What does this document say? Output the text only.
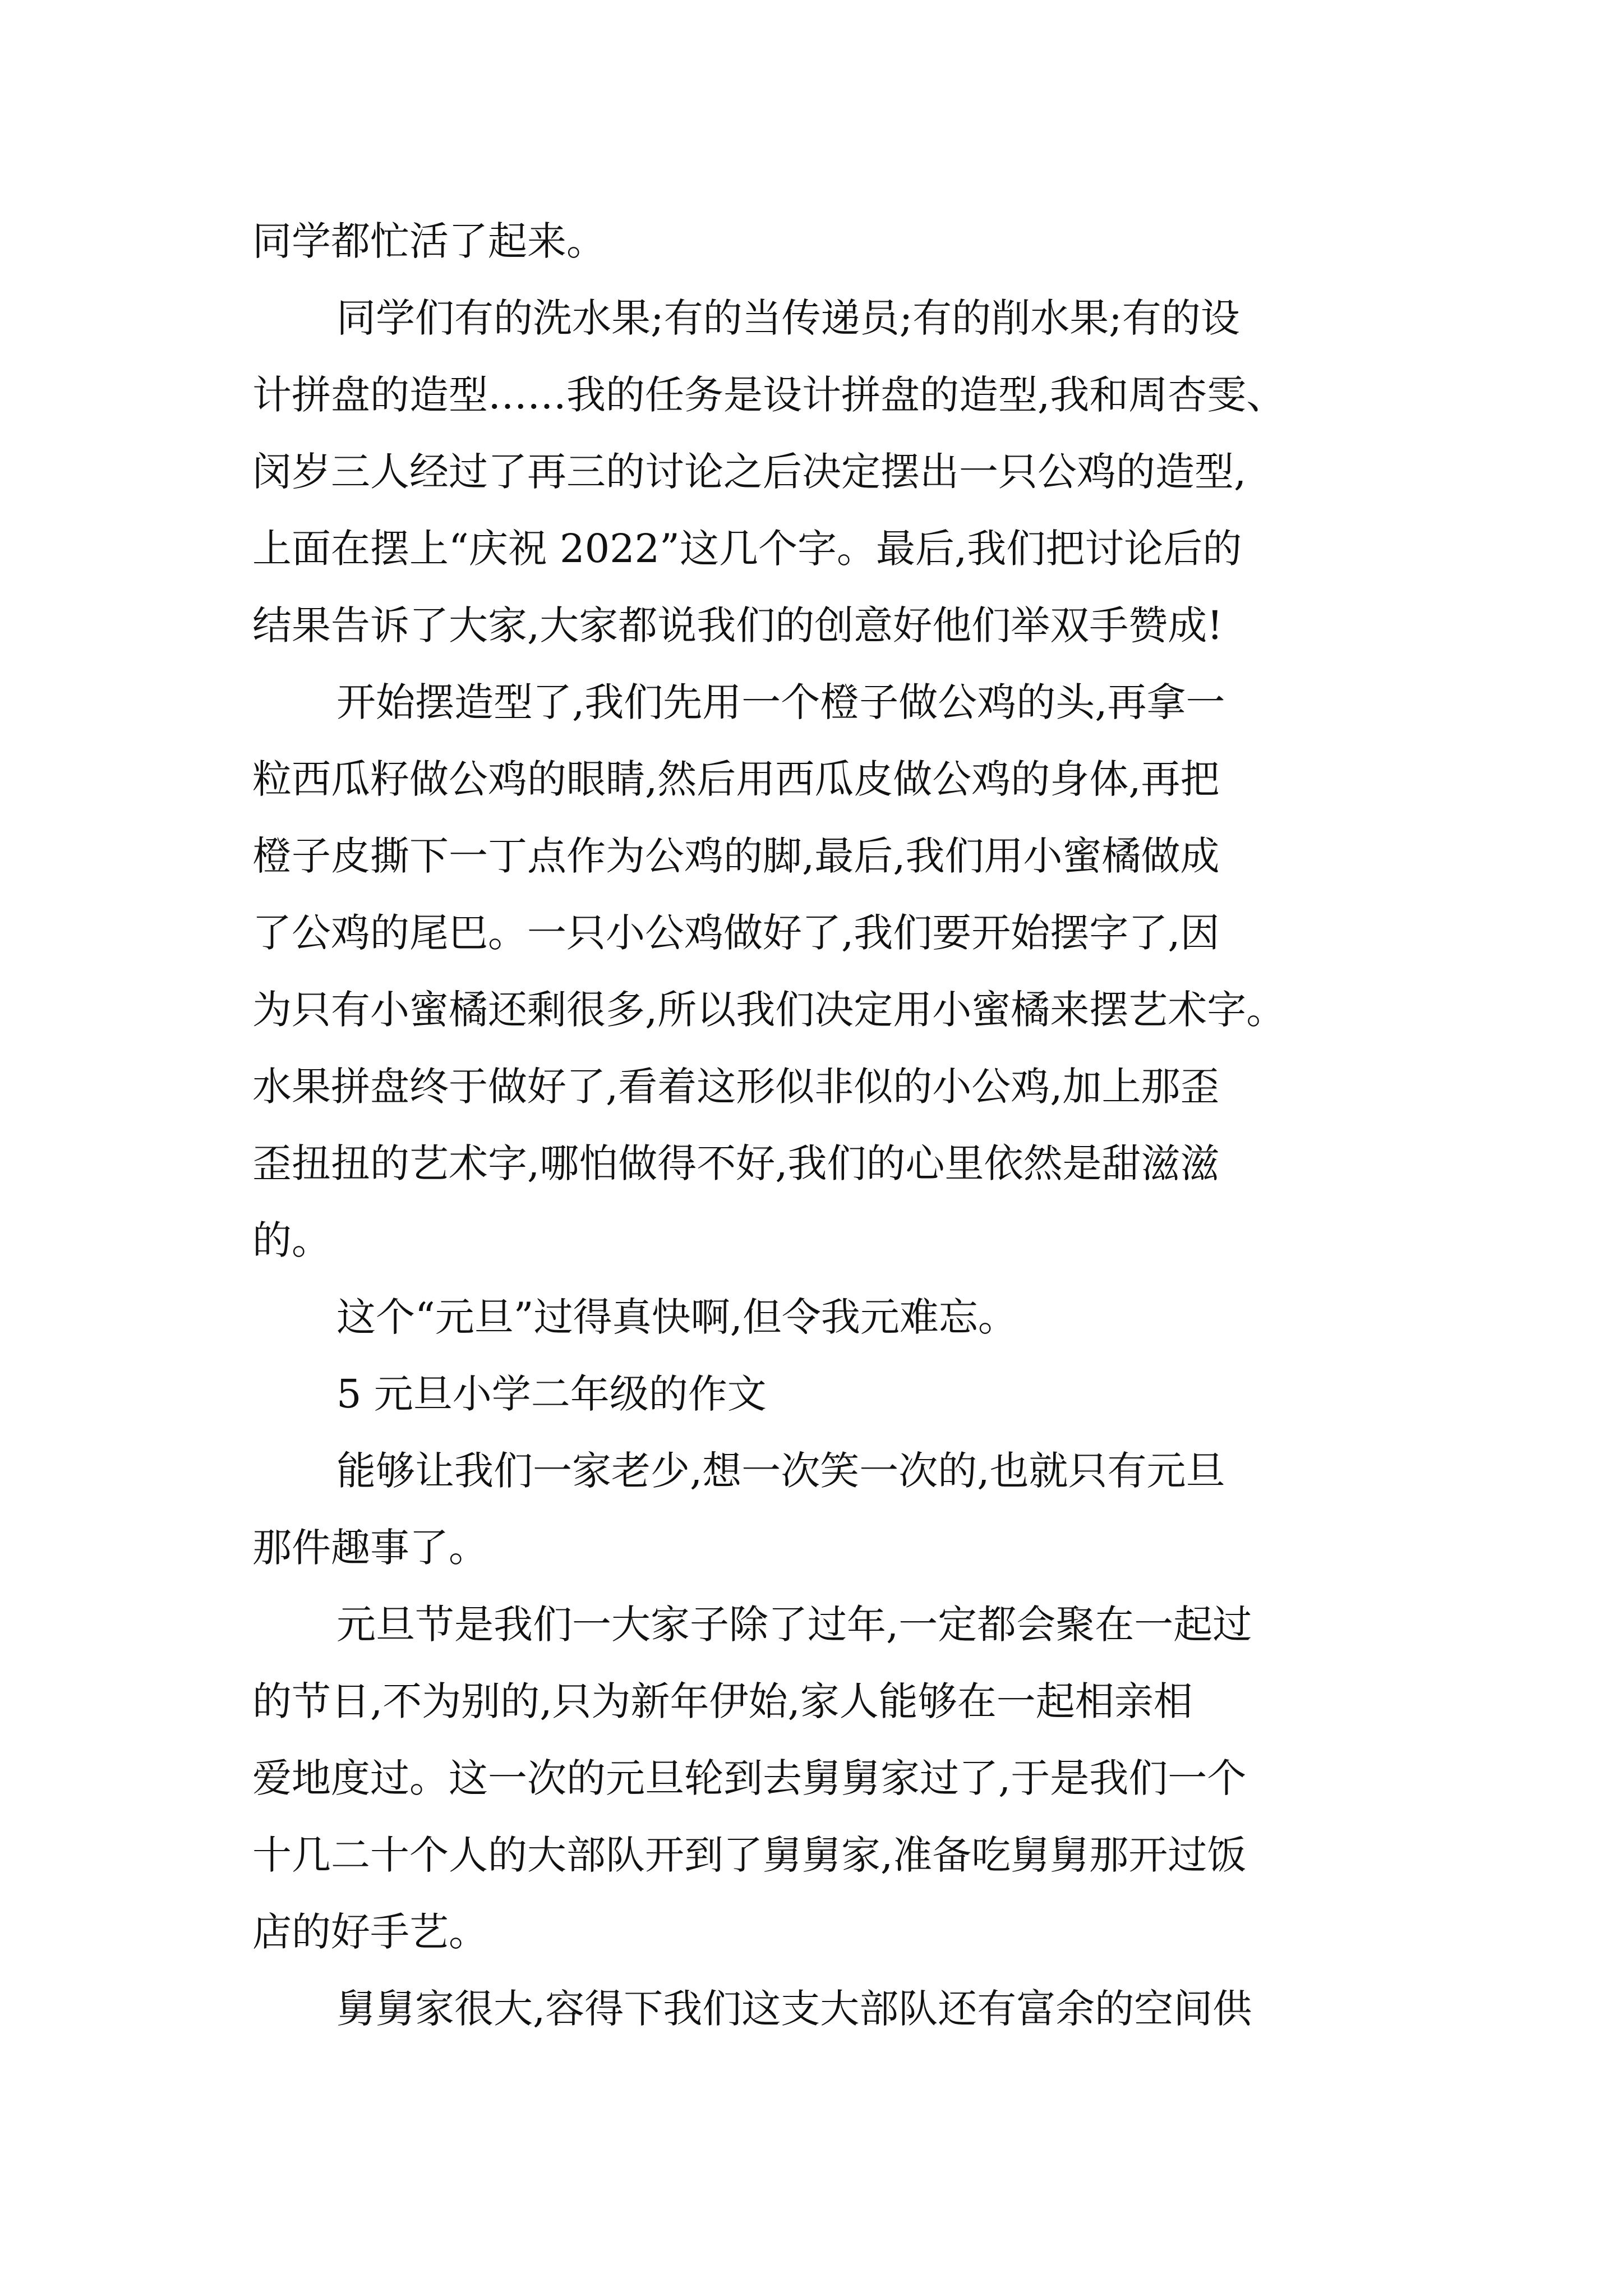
同学都忙活了起来。

同学们有的洗水果;有的当传递员;有的削水果;有的设

计拼盘的造型……我的任务是设计拼盘的造型,我和周杏雯、

闵岁三人经过了再三的讨论之后决定摆出一只公鸡的造型,

上面在摆上“庆祝 2022”这几个字。最后,我们把讨论后的

结果告诉了大家,大家都说我们的创意好他们举双手赞成!

开始摆造型了,我们先用一个橙子做公鸡的头,再拿一

粒西瓜籽做公鸡的眼睛,然后用西瓜皮做公鸡的身体,再把

橙子皮撕下一丁点作为公鸡的脚,最后,我们用小蜜橘做成

了公鸡的尾巴。一只小公鸡做好了,我们要开始摆字了,因

为只有小蜜橘还剩很多,所以我们决定用小蜜橘来摆艺术字。

水果拼盘终于做好了,看着这形似非似的小公鸡,加上那歪

歪扭扭的艺术字,哪怕做得不好,我们的心里依然是甜滋滋

的。

这个“元旦”过得真快啊,但令我元难忘。

5 元旦小学二年级的作文

能够让我们一家老少,想一次笑一次的,也就只有元旦

那件趣事了。

元旦节是我们一大家子除了过年,一定都会聚在一起过

的节日,不为别的,只为新年伊始,家人能够在一起相亲相

爱地度过。这一次的元旦轮到去舅舅家过了,于是我们一个

十几二十个人的大部队开到了舅舅家,准备吃舅舅那开过饭

店的好手艺。

舅舅家很大,容得下我们这支大部队还有富余的空间供
